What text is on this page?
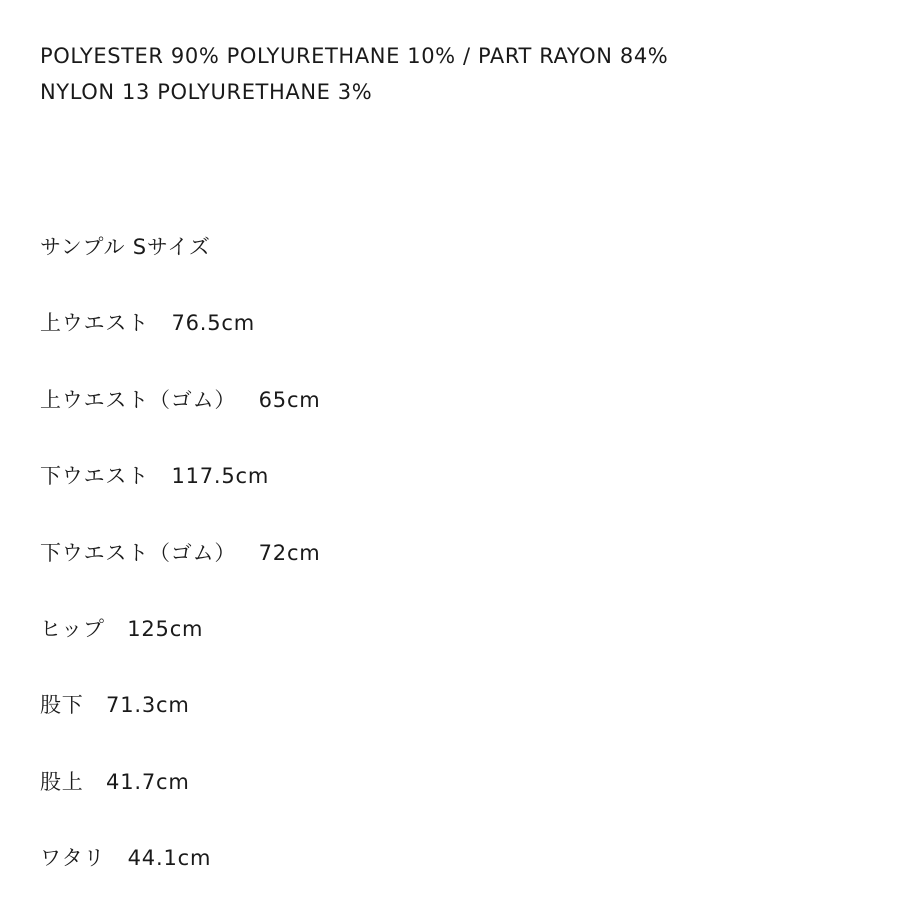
POLYESTER 90% POLYURETHANE 10% / PART RAYON 84%
NYLON 13 POLYURETHANE 3%
サンプル Sサイズ
上ウエスト 76.5cm
上ウエスト（ゴム） 65cm
下ウエスト 117.5cm
下ウエスト（ゴム） 72cm
ヒップ 125cm
股下 71.3cm
股上 41.7cm
ワタリ 44.1cm
